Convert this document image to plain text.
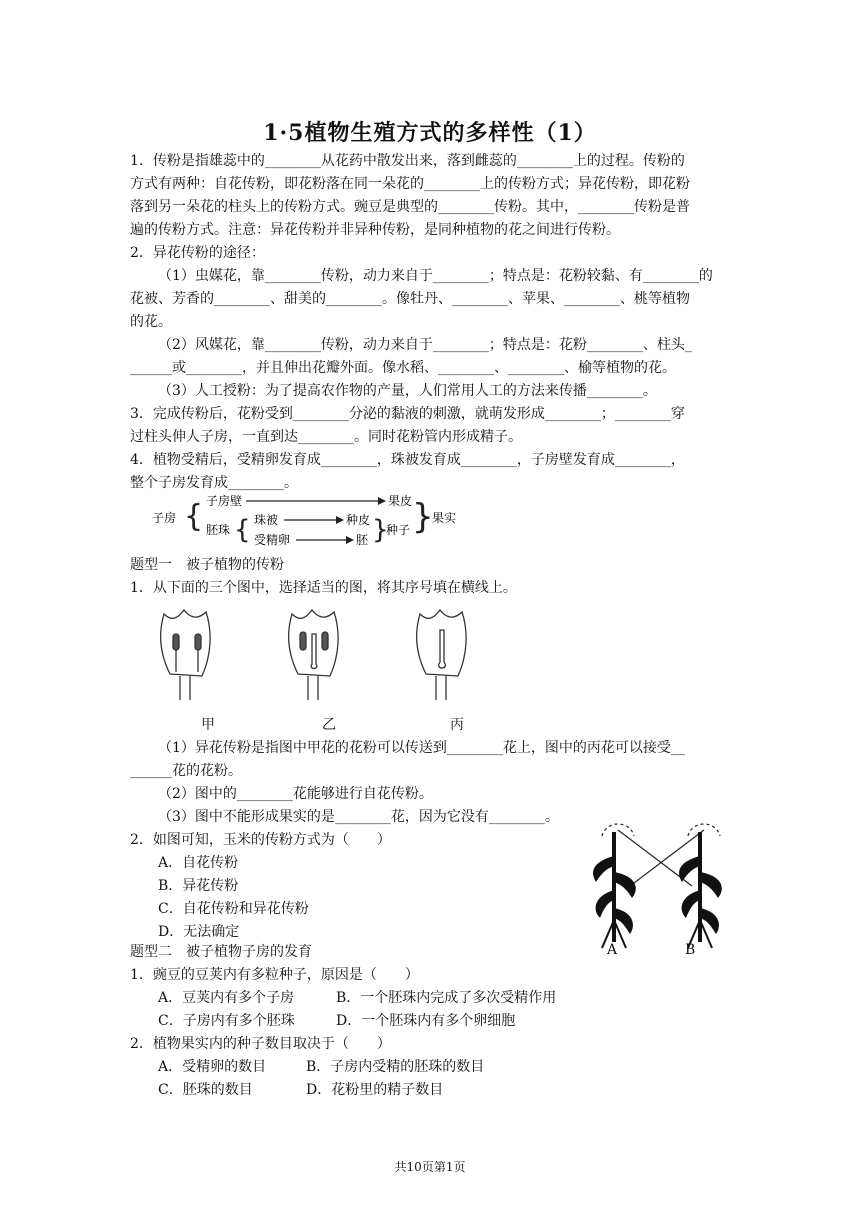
1·5植物生殖方式的多样性（1）
1．传粉是指雄蕊中的________从花药中散发出来，落到雌蕊的________上的过程。传粉的
方式有两种：自花传粉，即花粉落在同一朵花的________上的传粉方式；异花传粉，即花粉
落到另一朵花的柱头上的传粉方式。豌豆是典型的________传粉。其中，________传粉是普
遍的传粉方式。注意：异花传粉并非异种传粉，是同种植物的花之间进行传粉。
2．异花传粉的途径：
（1）虫媒花，靠________传粉，动力来自于________；特点是：花粉较黏、有________的
花被、芳香的________、甜美的________。像牡丹、________、苹果、________、桃等植物
的花。
（2）风媒花，靠________传粉，动力来自于________；特点是：花粉________、柱头_
______或________，并且伸出花瓣外面。像水稻、________、________、榆等植物的花。
（3）人工授粉：为了提高农作物的产量，人们常用人工的方法来传播________。
3．完成传粉后，花粉受到________分泌的黏液的刺激，就萌发形成________；________穿
过柱头伸人子房，一直到达________。同时花粉管内形成精子。
4．植物受精后，受精卵发育成________，珠被发育成________，子房壁发育成________，
整个子房发育成________。
子房 { 子房壁	果皮
胚珠 { 珠被	种皮
受精卵	胚 }
种子 }
果实
题型一　被子植物的传粉
1．从下面的三个图中，选择适当的图，将其序号填在横线上。
甲	乙	丙
（1）异花传粉是指图中甲花的花粉可以传送到________花上，图中的丙花可以接受__
______花的花粉。
（2）图中的________花能够进行自花传粉。
（3）图中不能形成果实的是________花，因为它没有________。
2．如图可知，玉米的传粉方式为（　　）
A．自花传粉
B．异花传粉
C．自花传粉和异花传粉
D．无法确定
A	B
题型二　被子植物子房的发育
1．豌豆的豆荚内有多粒种子，原因是（　　）
A．豆荚内有多个子房	B．一个胚珠内完成了多次受精作用
C．子房内有多个胚珠	D．一个胚珠内有多个卵细胞
2．植物果实内的种子数目取决于（　　）
A．受精卵的数目	B．子房内受精的胚珠的数目
C．胚珠的数目	D．花粉里的精子数目
共10页第1页
